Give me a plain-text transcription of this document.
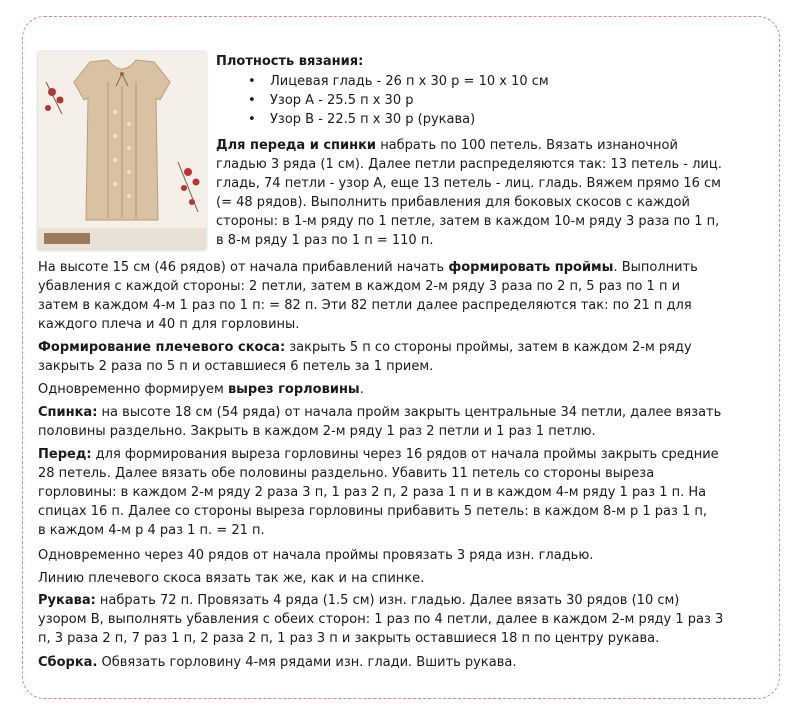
Плотность вязания:

• Лицевая гладь - 26 п х 30 р = 10 х 10 см
• Узор А - 25.5 п х 30 р
• Узор В - 22.5 п х 30 р (рукава)

Для переда и спинки набрать по 100 петель. Вязать изнаночной
гладью 3 ряда (1 см). Далее петли распределяются так: 13 петель - лиц.
гладь, 74 петли - узор А, еще 13 петель - лиц. гладь. Вяжем прямо 16 см
(= 48 рядов). Выполнить прибавления для боковых скосов с каждой
стороны: в 1-м ряду по 1 петле, затем в каждом 10-м ряду 3 раза по 1 п,
в 8-м ряду 1 раз по 1 п = 110 п.

На высоте 15 см (46 рядов) от начала прибавлений начать формировать проймы. Выполнить
убавления с каждой стороны: 2 петли, затем в каждом 2-м ряду 3 раза по 2 п, 5 раз по 1 п и
затем в каждом 4-м 1 раз по 1 п: = 82 п. Эти 82 петли далее распределяются так: по 21 п для
каждого плеча и 40 п для горловины.

Формирование плечевого скоса: закрыть 5 п со стороны проймы, затем в каждом 2-м ряду
закрыть 2 раза по 5 п и оставшиеся 6 петель за 1 прием.

Одновременно формируем вырез горловины.

Спинка: на высоте 18 см (54 ряда) от начала пройм закрыть центральные 34 петли, далее вязать
половины раздельно. Закрыть в каждом 2-м ряду 1 раз 2 петли и 1 раз 1 петлю.

Перед: для формирования выреза горловины через 16 рядов от начала проймы закрыть средние
28 петель. Далее вязать обе половины раздельно. Убавить 11 петель со стороны выреза
горловины: в каждом 2-м ряду 2 раза 3 п, 1 раз 2 п, 2 раза 1 п и в каждом 4-м ряду 1 раз 1 п. На
спицах 16 п. Далее со стороны выреза горловины прибавить 5 петель: в каждом 8-м р 1 раз 1 п,
в каждом 4-м р 4 раз 1 п. = 21 п.

Одновременно через 40 рядов от начала проймы провязать 3 ряда изн. гладью.

Линию плечевого скоса вязать так же, как и на спинке.

Рукава: набрать 72 п. Провязать 4 ряда (1.5 см) изн. гладью. Далее вязать 30 рядов (10 см)
узором В, выполнять убавления с обеих сторон: 1 раз по 4 петли, далее в каждом 2-м ряду 1 раз 3
п, 3 раза 2 п, 7 раз 1 п, 2 раза 2 п, 1 раз 3 п и закрыть оставшиеся 18 п по центру рукава.

Сборка. Обвязать горловину 4-мя рядами изн. глади. Вшить рукава.
